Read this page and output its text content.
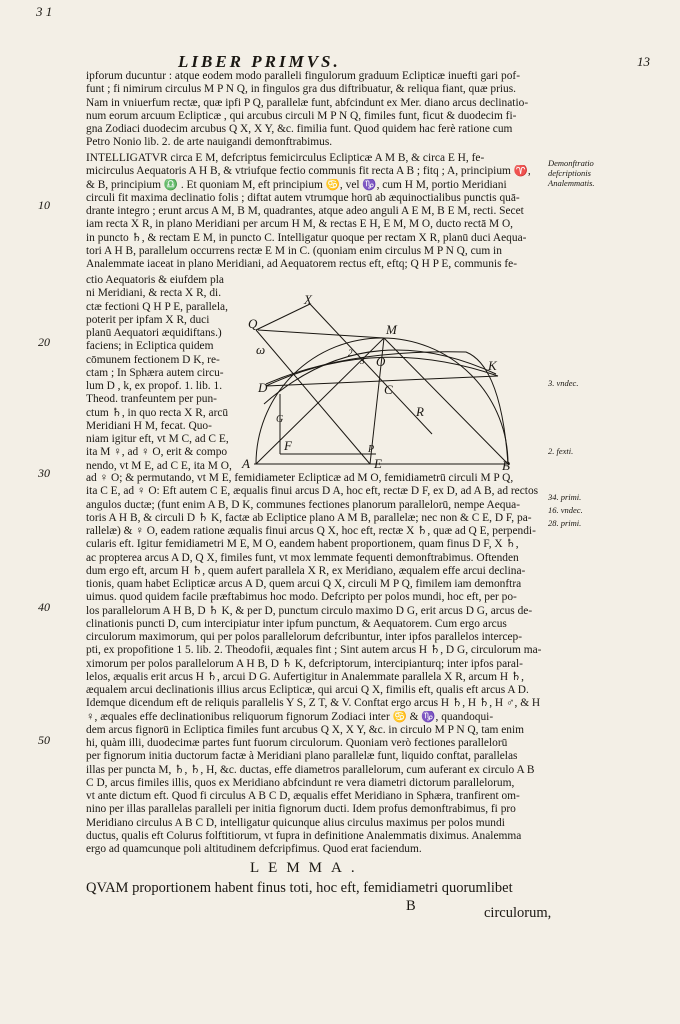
3 1
LIBER PRIMVS.	13
ipforum ducuntur : atque eodem modo paralleli fingulorum graduum Eclipticæ inuefti gari pof-
funt ; fi nimirum circulus M P N Q, in fingulos gra dus diftribuatur, & reliqua fiant, quæ prius.
Nam in vniuerfum rectæ, quæ ipfi P Q, parallelæ funt, abfcindunt ex Mer. diano arcus declinatio-
num eorum arcuum Eclipticæ , qui arcubus circuli M P N Q, fimiles funt, ficut & duodecim fi-
gna Zodiaci duodecim arcubus Q X, X Y, &c. fimilia funt. Quod quidem hac ferè ratione cum
Petro Nonio lib. 2. de arte nauigandi demonftrabimus.
INTELLIGATVR circa E M, defcriptus femicirculus Eclipticæ A M B, & circa E H, fe-
micirculus Aequatoris A H B, & vtriufque fectio communis fit recta A B ; fitq ; A, principium ♈,
& B, principium ♎ . Et quoniam M, eft principium ♋, vel ♑, cum H M, portio Meridiani
circuli fit maxima declinatio folis ; diftat autem vtrumque horū ab æquinoctialibus punctis quā-
drante integro ; erunt arcus A M, B M, quadrantes, atque adeo anguli A E M, B E M, recti. Secet
iam recta X R, in plano Meridiani per arcum H M, & rectas E H, E M, M O, ducto rectā M O,
in puncto ♄, & rectam E M, in puncto C. Intelligatur quoque per rectam X R, planū duci Aequa-
tori A H B, parallelum occurrens rectæ E M in C. (quoniam enim circulus M P N Q, cum in
Analemmate iaceat in plano Meridiani, ad Aequatorem rectus eft, eftq; Q H P E, communis fe-
ctio Aequatoris & eiufdem pla
ni Meridiani, & recta X R, di.
ctæ fectioni Q H P E, parallela,
poterit per ipfam X R, duci
planū Aequatori æquidiftans.)
faciens; in Ecliptica quidem
cōmunem fectionem D K, re-
ctam ; In Sphæra autem circu-
lum D , k, ex propof. 1. lib. 1.
Theod. tranfeuntem per pun-
ctum ♄, in quo recta X R, arcū
Meridiani H M, fecat. Quo-
niam igitur eft, vt M C, ad C E,
ita M ♀, ad ♀ O, erit & compo
nendo, vt M E, ad C E, ita M O,
X
Q
ω
M
O
2
3
D	C
K
R
G
F	P
A	E	B
ad ♀ O; & permutando, vt M E, femidiameter Eclipticæ ad M O, femidiametrū circuli M P Q,
ita C E, ad ♀ O: Eft autem C E, æqualis finui arcus D A, hoc eft, rectæ D F, ex D, ad A B, ad rectos
angulos ductæ; (funt enim A B, D K, communes fectiones planorum parallelorū, nempe Aequa-
toris A H B, & circuli D ♄ K, factæ ab Ecliptice plano A M B, parallelæ; nec non & C E, D F, pa-
rallelæ) & ♀ O, eadem ratione æqualis finui arcus Q X, hoc eft, rectæ X ♄, quæ ad Q E, perpendi-
cularis eft. Igitur femidiametri M E, M O, eandem habent proportionem, quam finus D F, X ♄,
ac propterea arcus A D, Q X, fimiles funt, vt mox lemmate fequenti demonftrabimus. Oftenden
dum ergo eft, arcum H ♄, quem aufert parallela X R, ex Meridiano, æqualem effe arcui declina-
tionis, quam habet Eclipticæ arcus A D, quem arcui Q X, circuli M P Q, fimilem iam demonftra
uimus. quod quidem facile præftabimus hoc modo. Defcripto per polos mundi, hoc eft, per po-
los parallelorum A H B, D ♄ K, & per D, punctum circulo maximo D G, erit arcus D G, arcus de-
clinationis puncti D, cum intercipiatur inter ipfum punctum, & Aequatorem. Cum ergo arcus
circulorum maximorum, qui per polos parallelorum defcribuntur, inter ipfos parallelos intercep-
pti, ex propofitione 1 5. lib. 2. Theodofii, æquales fint ; Sint autem arcus H ♄, D G, circulorum ma-
ximorum per polos parallelorum A H B, D ♄ K, defcriptorum, intercipianturq; inter ipfos paral-
lelos, æqualis erit arcus H ♄, arcui D G. Aufertigitur in Analemmate parallela X R, arcum H ♄,
æqualem arcui declinationis illius arcus Eclipticæ, qui arcui Q X, fimilis eft, qualis eft arcus A D.
Idemque dicendum eft de reliquis parallelis Y S, Z T, & V. Conftat ergo arcus H ♄, H ♄, H ♂, & H
♀, æquales effe declinationibus reliquorum fignorum Zodiaci inter ♋ & ♑, quandoqui-
dem arcus fignorū in Ecliptica fimiles funt arcubus Q X, X Y, &c. in circulo M P N Q, tam enim
hi, quàm illi, duodecimæ partes funt fuorum circulorum. Quoniam verò fectiones parallelorū
per fignorum initia ductorum factæ à Meridiani plano parallelæ funt, liquido conftat, parallelas
illas per puncta M, ♄, ♄, H, &c. ductas, effe diametros parallelorum, cum auferant ex circulo A B
C D, arcus fimiles illis, quos ex Meridiano abfcindunt re vera diametri dictorum parallelorum,
vt ante dictum eft. Quod fi circulus A B C D, æqualis effet Meridiano in Sphæra, tranfirent om-
nino per illas parallelas paralleli per initia fignorum ducti. Idem profus demonftrabimus, fi pro
Meridiano circulus A B C D, intelligatur quicunque alius circulus maximus per polos mundi
ductus, qualis eft Colurus folftitiorum, vt fupra in definitione Analemmatis diximus. Analemma
ergo ad quamcunque poli altitudinem defcripfimus. Quod erat faciendum.
10
20
30
40
50
Demonftratio
defcriptionis
Analemmatis.
3. vndec.
2. fexti.
34. primi.
16. vndec.
28. primi.
LEMMA.
QVAM proportionem habent finus toti, hoc eft, femidiametri quorumlibet
B	circulorum,
